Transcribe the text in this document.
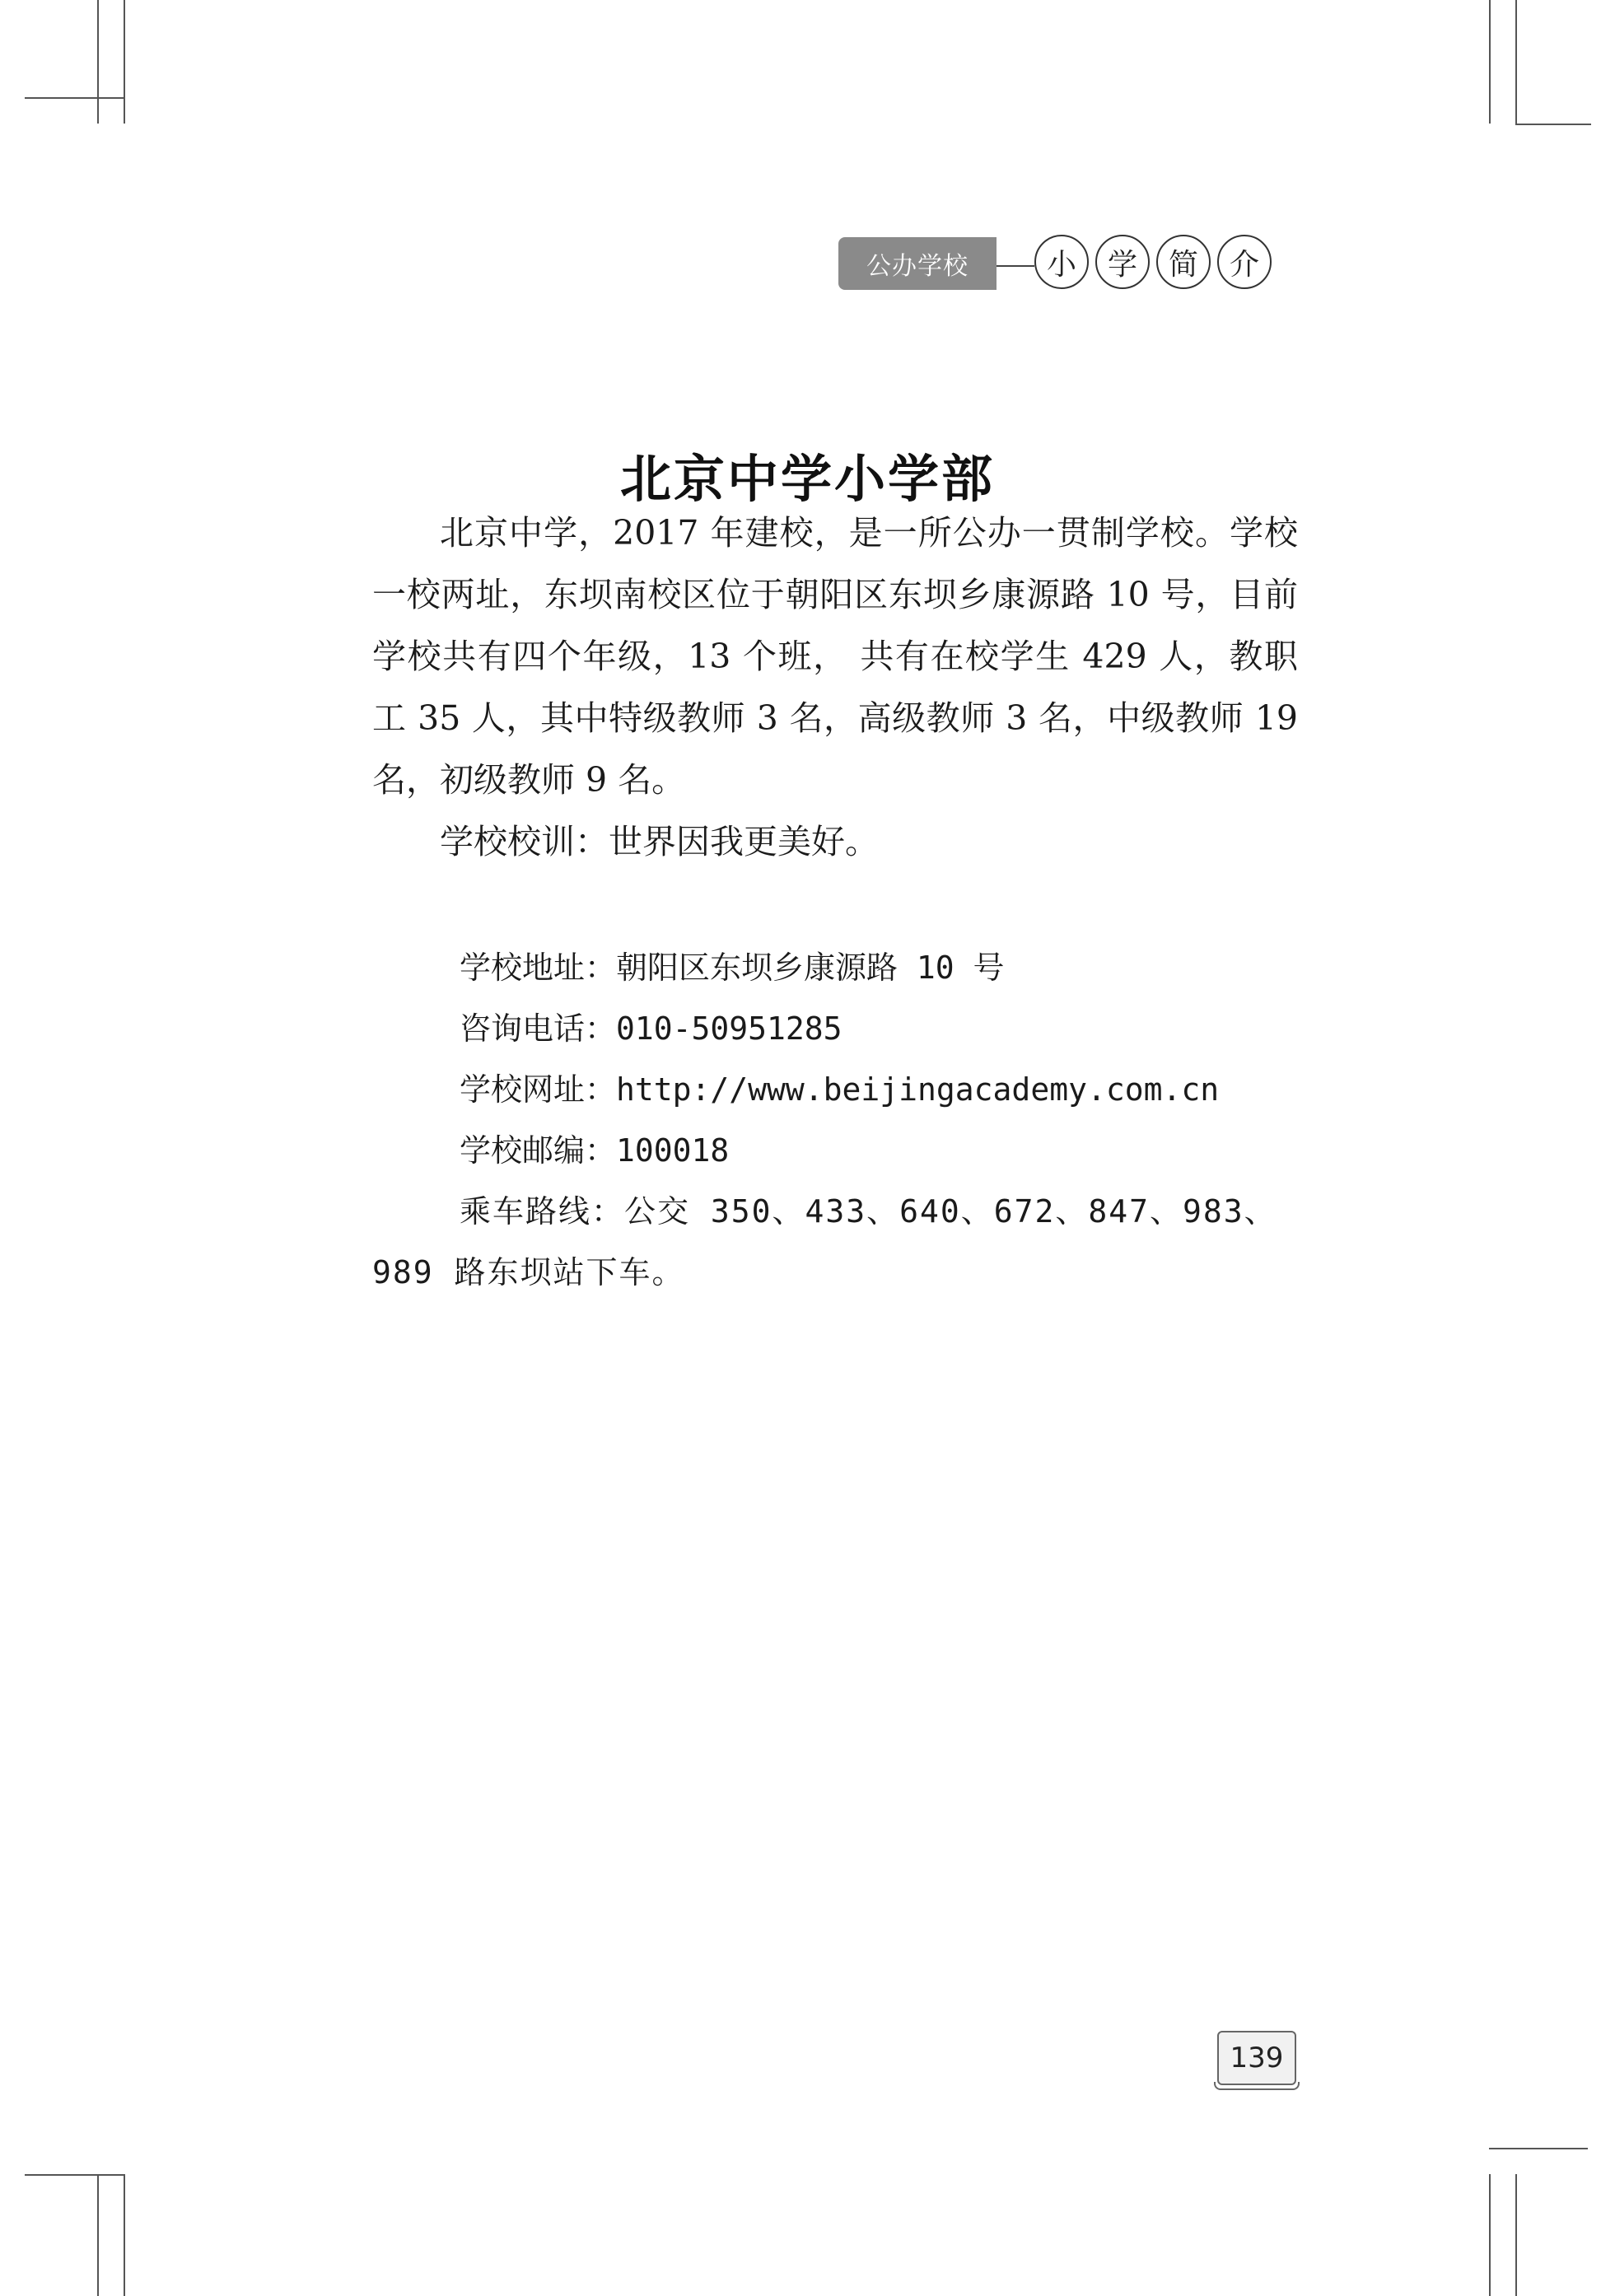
公办学校	小	学	简	介
北京中学小学部

北京中学，2017 年建校，是一所公办一贯制学校。学校一校两址，东坝南校区位于朝阳区东坝乡康源路 10 号，目前学校共有四个年级，13 个班， 共有在校学生 429 人，教职工 35 人，其中特级教师 3 名，高级教师 3 名，中级教师 19 名，初级教师 9 名。

学校校训：世界因我更美好。

学校地址：朝阳区东坝乡康源路 10 号
咨询电话：010-50951285
学校网址：http://www.beijingacademy.com.cn
学校邮编：100018
乘车路线：公交 350、433、640、672、847、983、989 路东坝站下车。
139
